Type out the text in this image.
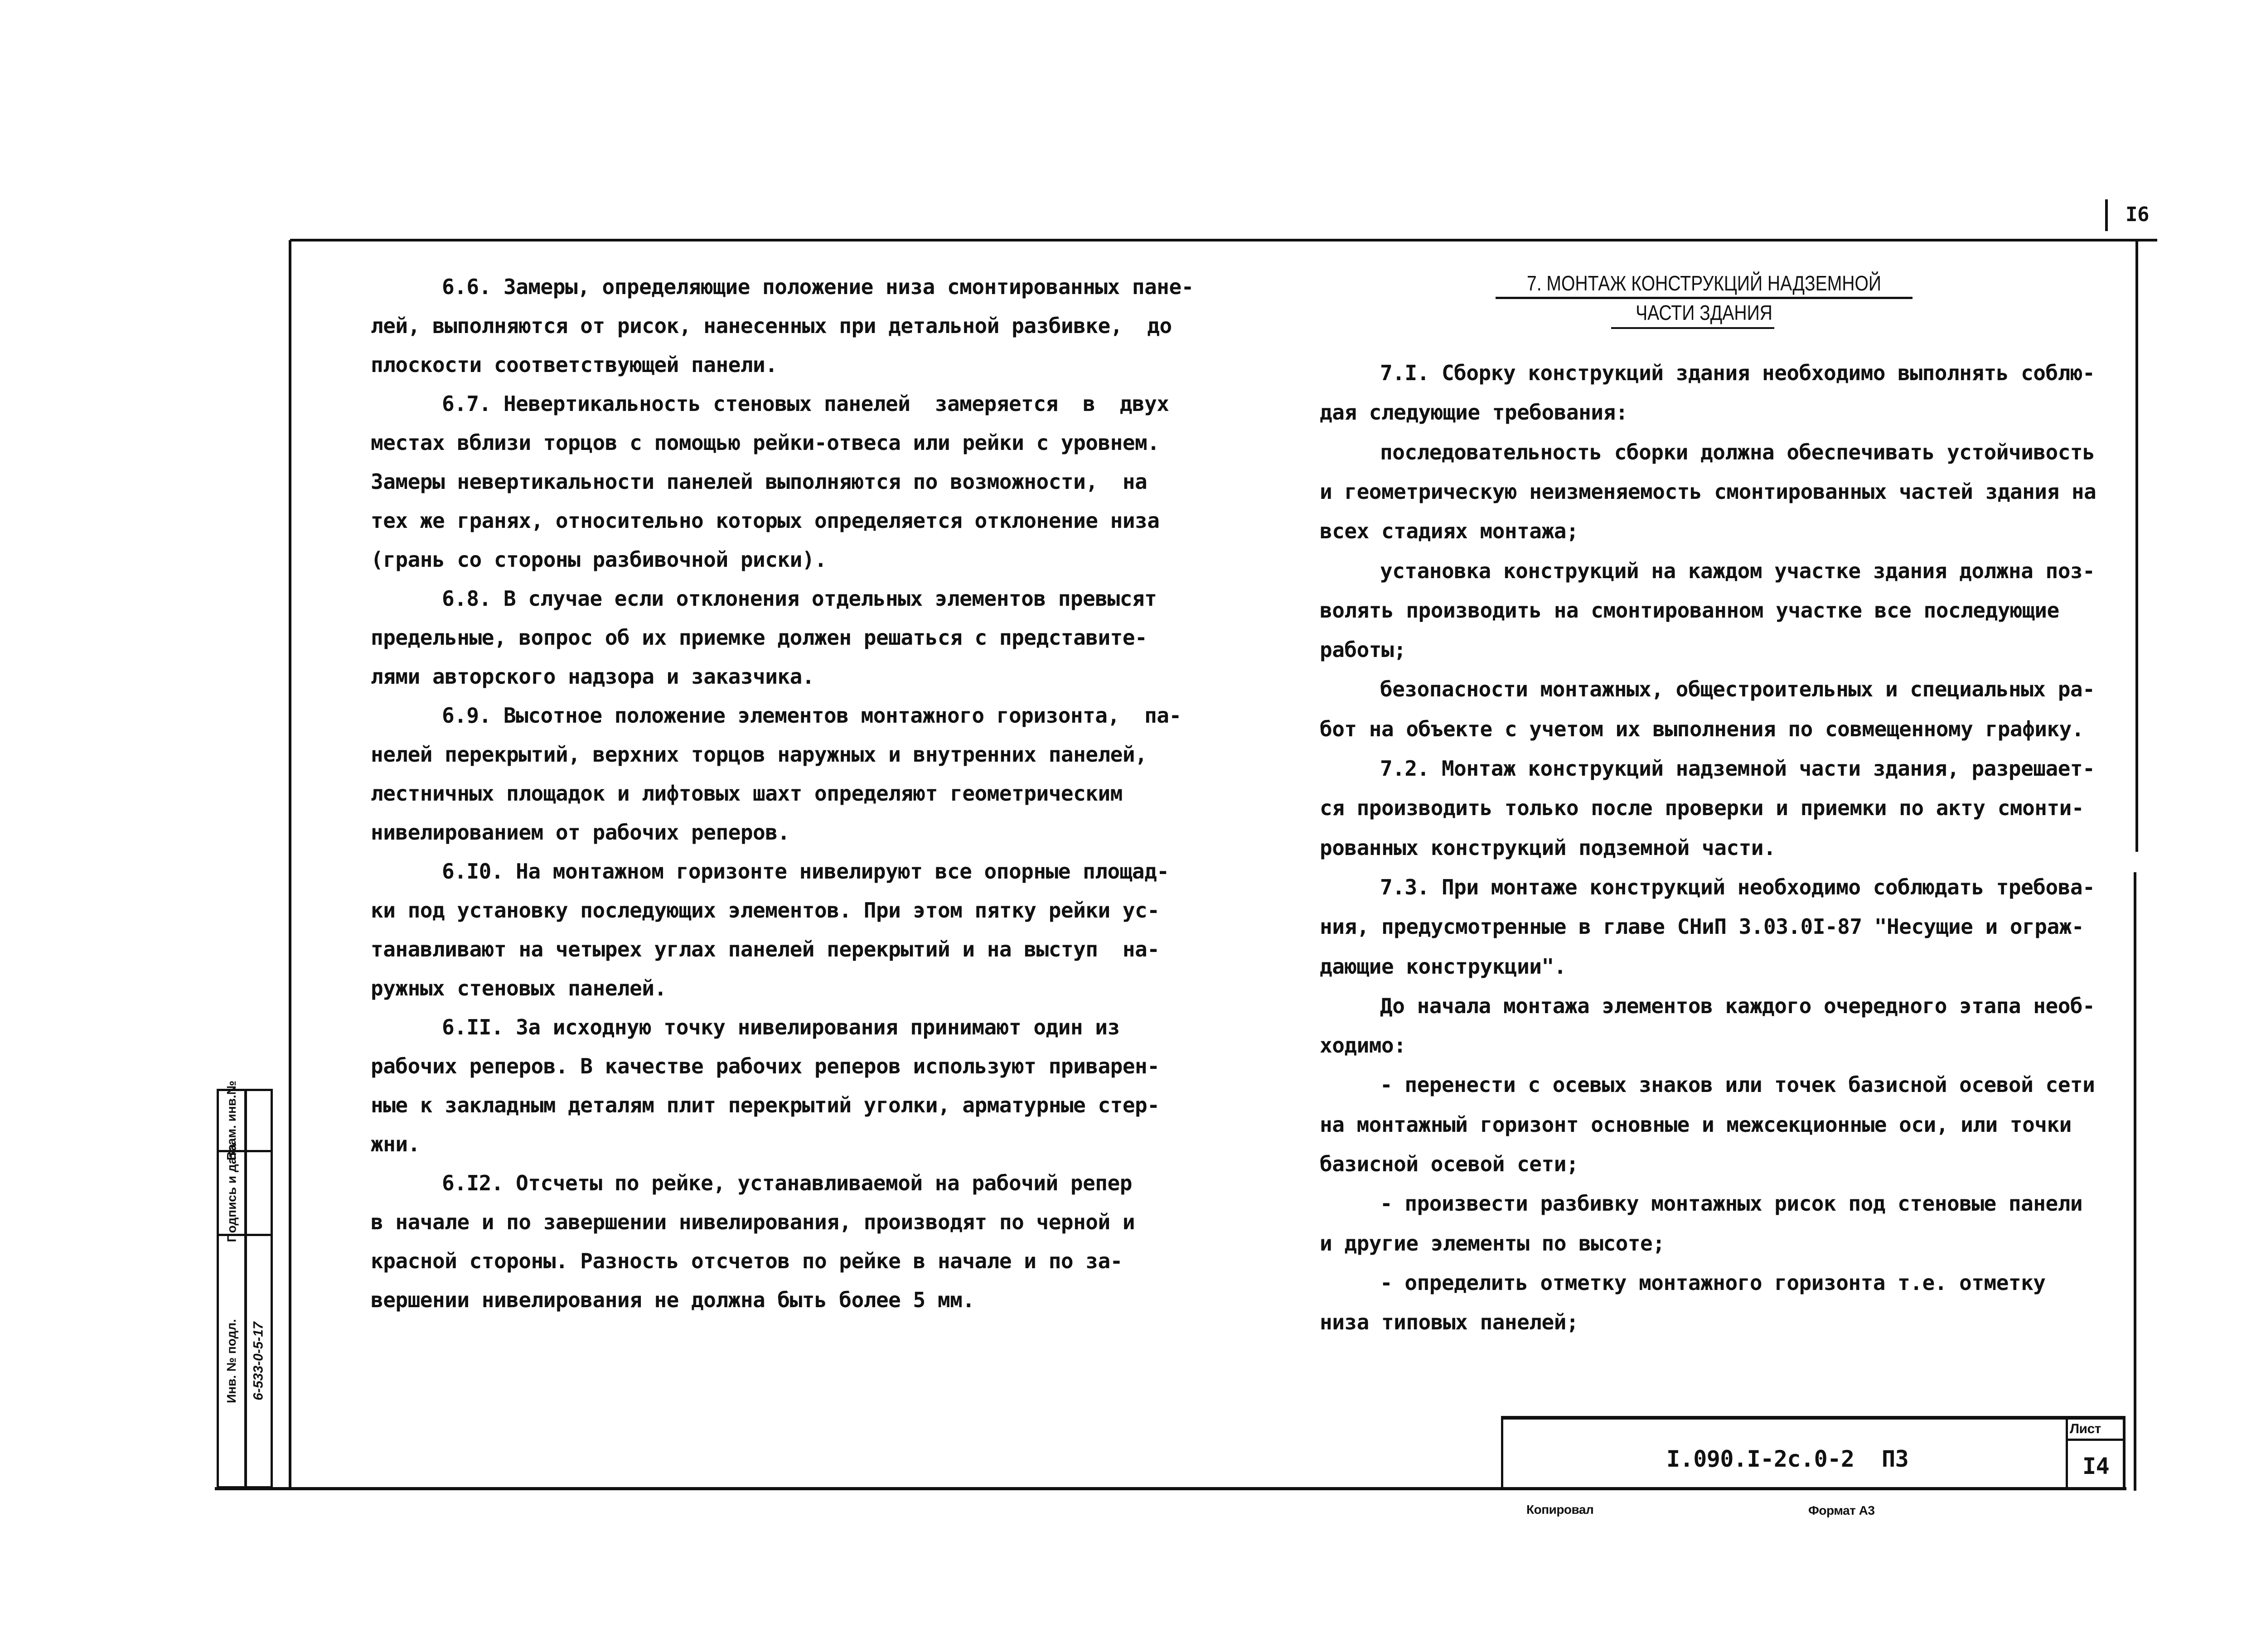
I6
6.6. Замеры, определяющие положение низа смонтированных пане-
лей, выполняются от рисок, нанесенных при детальной разбивке,  до
плоскости соответствующей панели.
6.7. Невертикальность стеновых панелей  замеряется  в  двух
местах вблизи торцов с помощью рейки-отвеса или рейки с уровнем.
Замеры невертикальности панелей выполняются по возможности,  на
тех же гранях, относительно которых определяется отклонение низа
(грань со стороны разбивочной риски).
6.8. В случае если отклонения отдельных элементов превысят
предельные, вопрос об их приемке должен решаться с представите-
лями авторского надзора и заказчика.
6.9. Высотное положение элементов монтажного горизонта,  па-
нелей перекрытий, верхних торцов наружных и внутренних панелей,
лестничных площадок и лифтовых шахт определяют геометрическим
нивелированием от рабочих реперов.
6.I0. На монтажном горизонте нивелируют все опорные площад-
ки под установку последующих элементов. При этом пятку рейки ус-
танавливают на четырех углах панелей перекрытий и на выступ  на-
ружных стеновых панелей.
6.II. За исходную точку нивелирования принимают один из
рабочих реперов. В качестве рабочих реперов используют приварен-
ные к закладным деталям плит перекрытий уголки, арматурные стер-
жни.
6.I2. Отсчеты по рейке, устанавливаемой на рабочий репер
в начале и по завершении нивелирования, производят по черной и
красной стороны. Разность отсчетов по рейке в начале и по за-
вершении нивелирования не должна быть более 5 мм.
7. МОНТАЖ КОНСТРУКЦИЙ НАДЗЕМНОЙ
ЧАСТИ ЗДАНИЯ
7.I. Сборку конструкций здания необходимо выполнять соблю-
дая следующие требования:
последовательность сборки должна обеспечивать устойчивость
и геометрическую неизменяемость смонтированных частей здания на
всех стадиях монтажа;
установка конструкций на каждом участке здания должна поз-
волять производить на смонтированном участке все последующие
работы;
безопасности монтажных, общестроительных и специальных ра-
бот на объекте с учетом их выполнения по совмещенному графику.
7.2. Монтаж конструкций надземной части здания, разрешает-
ся производить только после проверки и приемки по акту смонти-
рованных конструкций подземной части.
7.3. При монтаже конструкций необходимо соблюдать требова-
ния, предусмотренные в главе СНиП 3.03.0I-87 "Несущие и ограж-
дающие конструкции".
До начала монтажа элементов каждого очередного этапа необ-
ходимо:
- перенести с осевых знаков или точек базисной осевой сети
на монтажный горизонт основные и межсекционные оси, или точки
базисной осевой сети;
- произвести разбивку монтажных рисок под стеновые панели
и другие элементы по высоте;
- определить отметку монтажного горизонта т.е. отметку
низа типовых панелей;
I.090.I-2c.0-2 ПЗ
Лист
I4
Копировал	Формат А3
Взам. инв.№
Подпись и дата
Инв. № подл. 6-533-0-5-17
